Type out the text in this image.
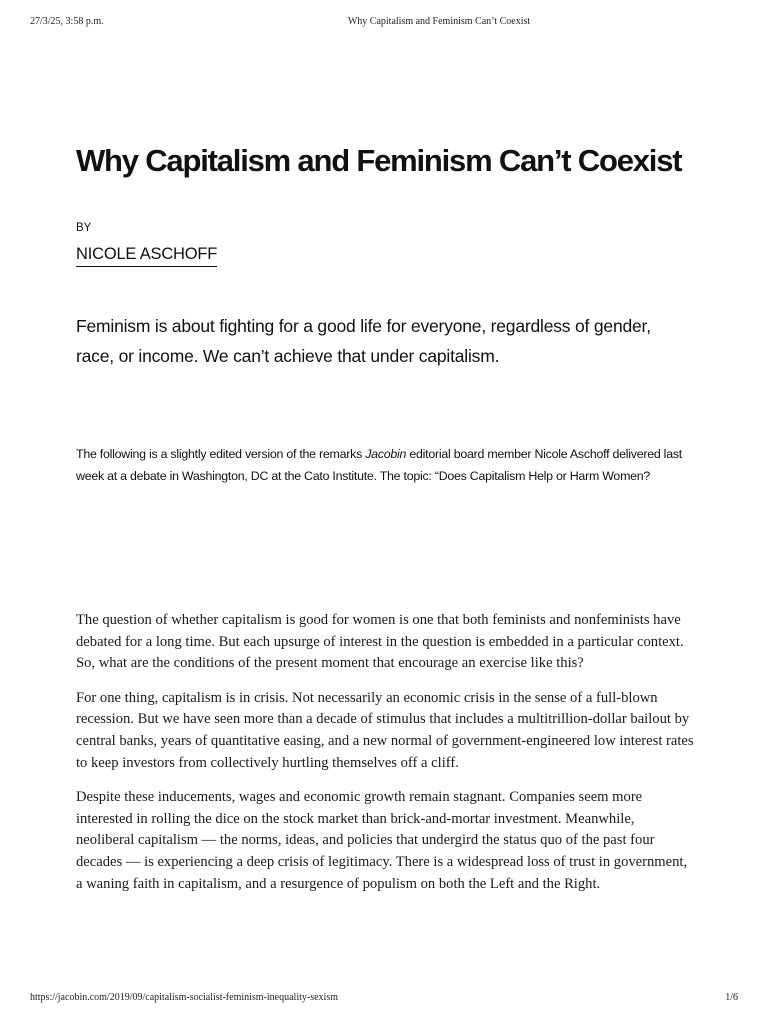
27/3/25, 3:58 p.m.	Why Capitalism and Feminism Can’t Coexist
Why Capitalism and Feminism Can’t Coexist
BY
NICOLE ASCHOFF

Feminism is about fighting for a good life for everyone, regardless of gender, race, or income. We can’t achieve that under capitalism.

The following is a slightly edited version of the remarks Jacobin editorial board member Nicole Aschoff delivered last week at a debate in Washington, DC at the Cato Institute. The topic: “Does Capitalism Help or Harm Women?

The question of whether capitalism is good for women is one that both feminists and nonfeminists have debated for a long time. But each upsurge of interest in the question is embedded in a particular context. So, what are the conditions of the present moment that encourage an exercise like this?

For one thing, capitalism is in crisis. Not necessarily an economic crisis in the sense of a full-blown recession. But we have seen more than a decade of stimulus that includes a multitrillion-dollar bailout by central banks, years of quantitative easing, and a new normal of government-engineered low interest rates to keep investors from collectively hurtling themselves off a cliff.

Despite these inducements, wages and economic growth remain stagnant. Companies seem more interested in rolling the dice on the stock market than brick-and-mortar investment. Meanwhile, neoliberal capitalism — the norms, ideas, and policies that undergird the status quo of the past four decades — is experiencing a deep crisis of legitimacy. There is a widespread loss of trust in government, a waning faith in capitalism, and a resurgence of populism on both the Left and the Right.

https://jacobin.com/2019/09/capitalism-socialist-feminism-inequality-sexism	1/6
